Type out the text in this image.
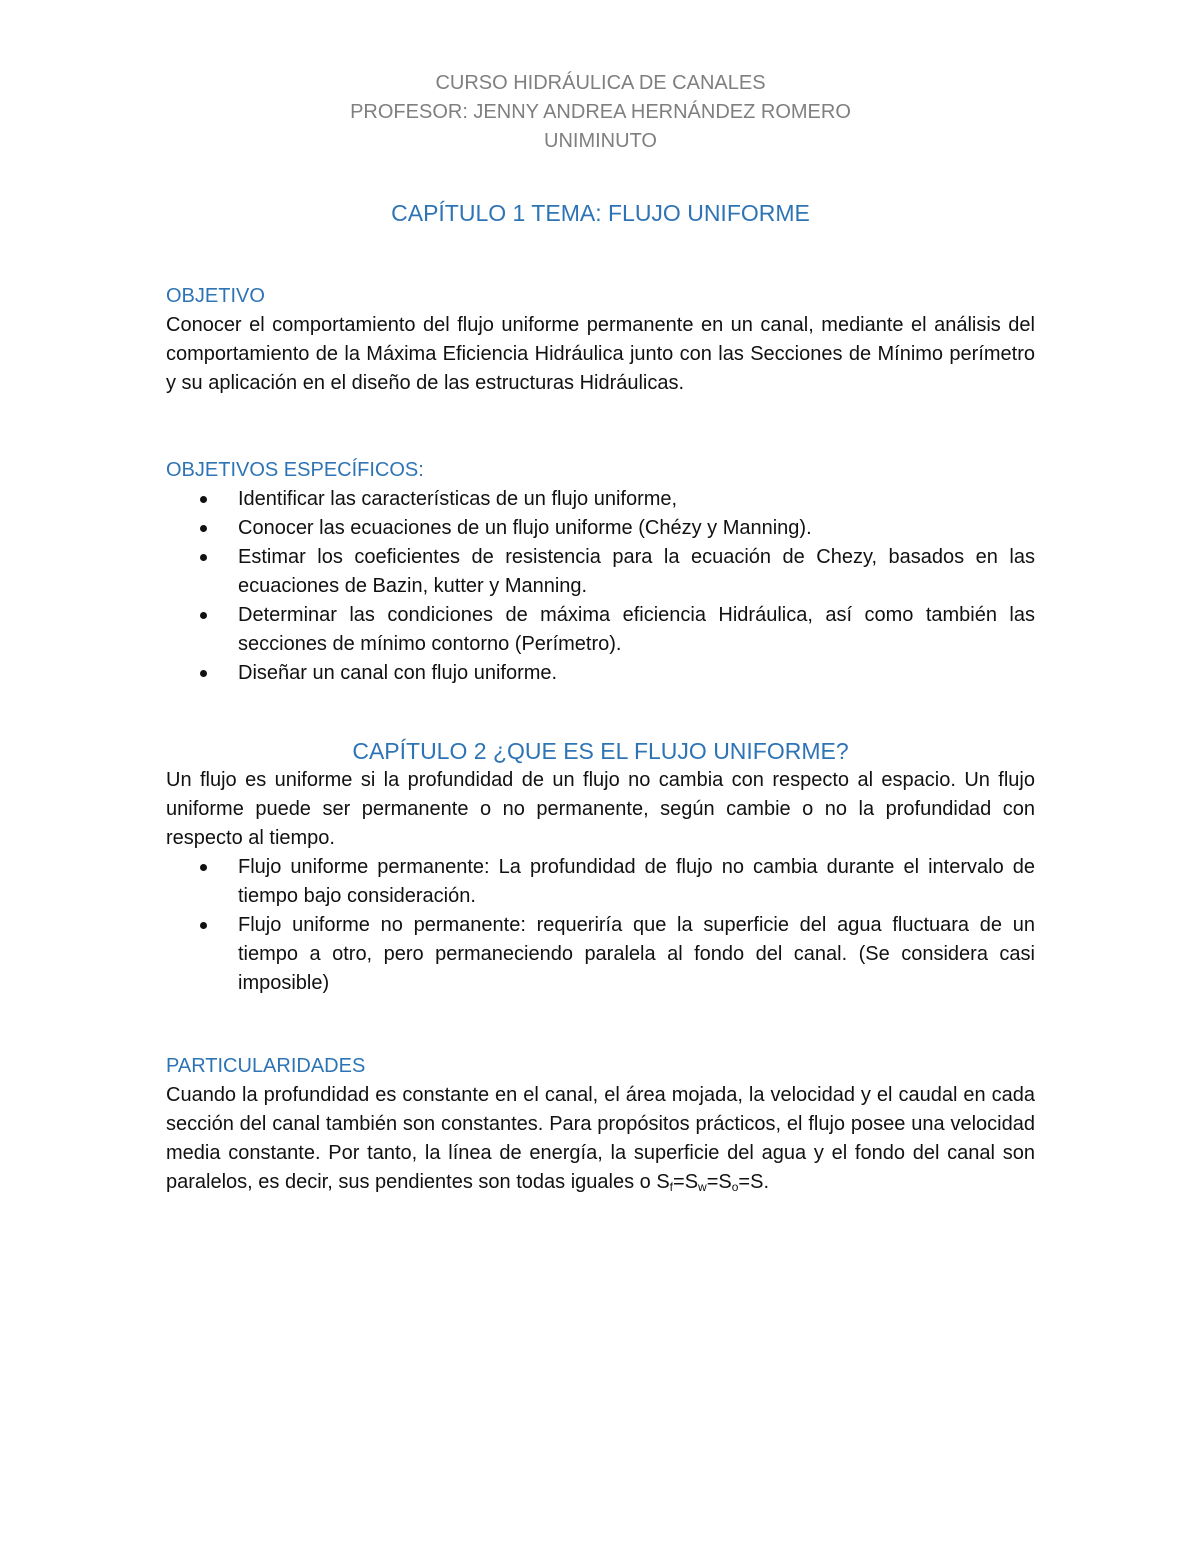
CURSO HIDRÁULICA DE CANALES
PROFESOR: JENNY ANDREA HERNÁNDEZ ROMERO
UNIMINUTO
CAPÍTULO 1 TEMA: FLUJO UNIFORME
OBJETIVO

Conocer el comportamiento del flujo uniforme permanente en un canal, mediante el análisis del comportamiento de la Máxima Eficiencia Hidráulica junto con las Secciones de Mínimo perímetro y su aplicación en el diseño de las estructuras Hidráulicas.

OBJETIVOS ESPECÍFICOS:
Identificar las características de un flujo uniforme,
Conocer las ecuaciones de un flujo uniforme (Chézy y Manning).
Estimar los coeficientes de resistencia para la ecuación de Chezy, basados en las ecuaciones de Bazin, kutter y Manning.
Determinar las condiciones de máxima eficiencia Hidráulica, así como también las secciones de mínimo contorno (Perímetro).
Diseñar un canal con flujo uniforme.
CAPÍTULO 2 ¿QUE ES EL FLUJO UNIFORME?

Un flujo es uniforme si la profundidad de un flujo no cambia con respecto al espacio. Un flujo uniforme puede ser permanente o no permanente, según cambie o no la profundidad con respecto al tiempo.

Flujo uniforme permanente: La profundidad de flujo no cambia durante el intervalo de tiempo bajo consideración.
Flujo uniforme no permanente: requeriría que la superficie del agua fluctuara de un tiempo a otro, pero permaneciendo paralela al fondo del canal. (Se considera casi imposible)
PARTICULARIDADES

Cuando la profundidad es constante en el canal, el área mojada, la velocidad y el caudal en cada sección del canal también son constantes. Para propósitos prácticos, el flujo posee una velocidad media constante. Por tanto, la línea de energía, la superficie del agua y el fondo del canal son paralelos, es decir, sus pendientes son todas iguales o $S_f=S_w=S_o=S$.
